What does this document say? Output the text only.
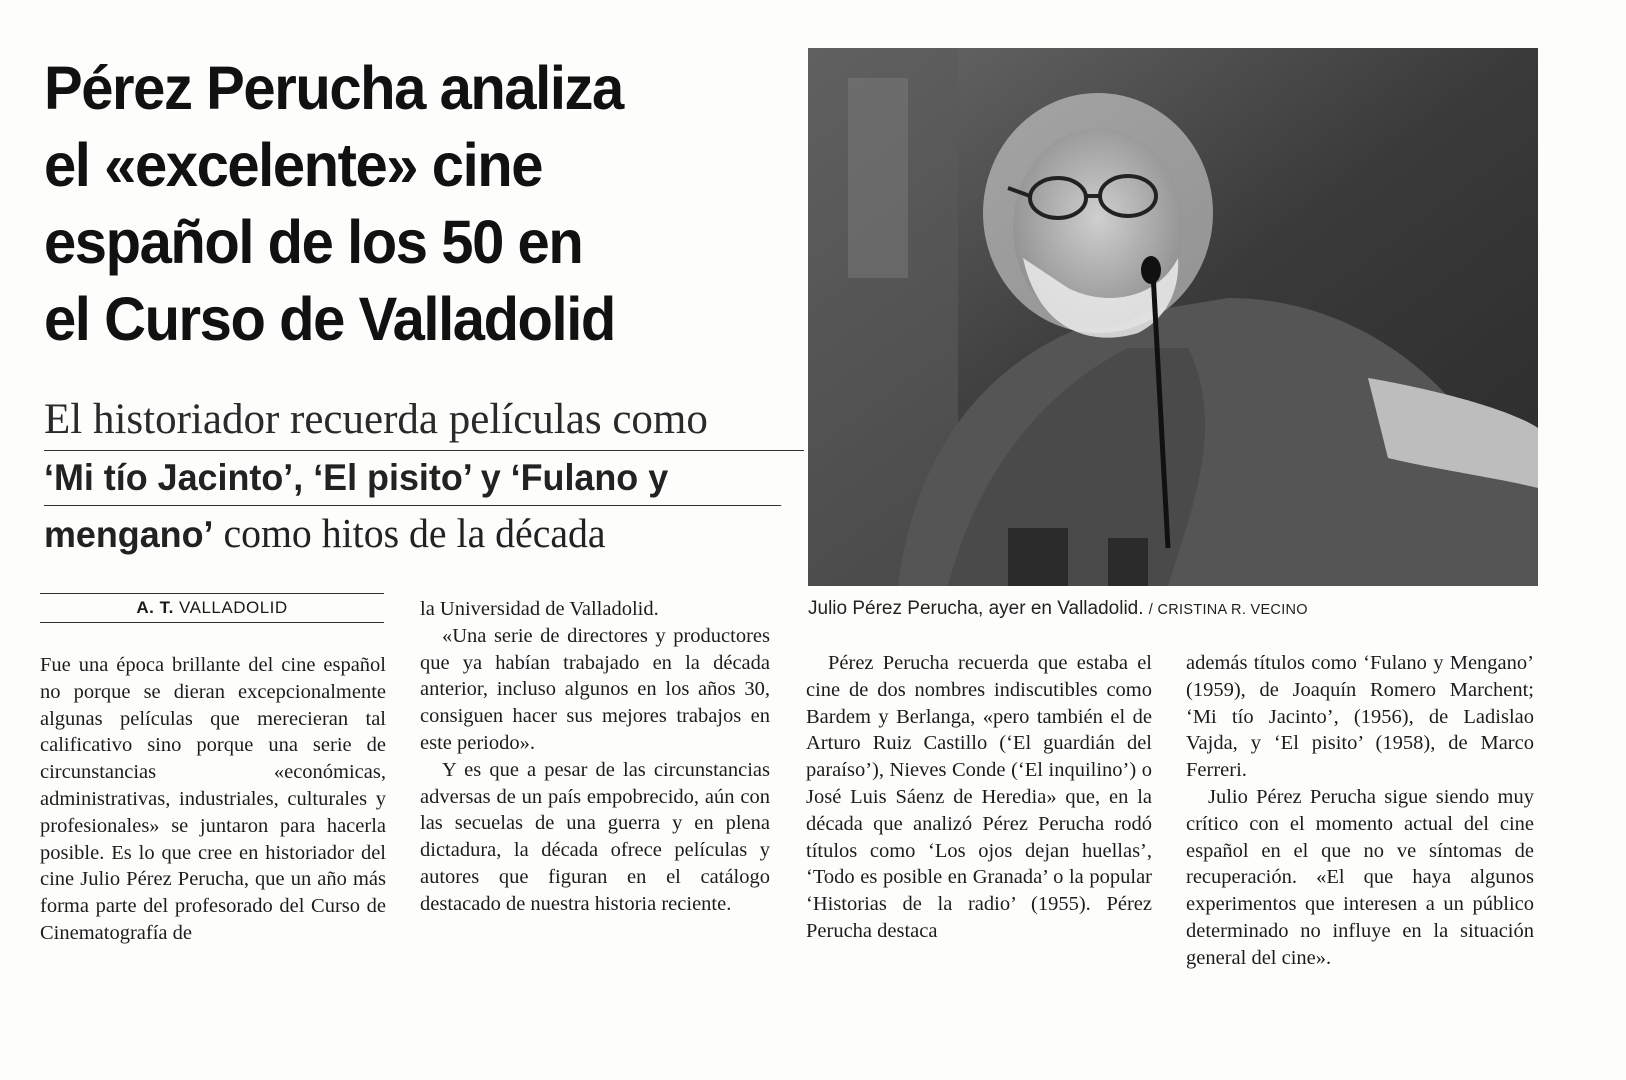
Pérez Perucha analiza
el «excelente» cine
español de los 50 en
el Curso de Valladolid
El historiador recuerda películas como
‘Mi tío Jacinto’, ‘El pisito’ y ‘Fulano y
mengano’ como hitos de la década
A. T. VALLADOLID

Fue una época brillante del cine español no porque se dieran excepcionalmente algunas películas que merecieran tal calificativo sino porque una serie de circunstancias «económicas, administrativas, industriales, culturales y profesionales» se juntaron para hacerla posible. Es lo que cree en historiador del cine Julio Pérez Perucha, que un año más forma parte del profesorado del Curso de Cinematografía de

la Universidad de Valladolid.

«Una serie de directores y productores que ya habían trabajado en la década anterior, incluso algunos en los años 30, consiguen hacer sus mejores trabajos en este periodo».

Y es que a pesar de las circunstancias adversas de un país empobrecido, aún con las secuelas de una guerra y en plena dictadura, la década ofrece películas y autores que figuran en el catálogo destacado de nuestra historia reciente.

Julio Pérez Perucha, ayer en Valladolid. / CRISTINA R. VECINO

Pérez Perucha recuerda que estaba el cine de dos nombres indiscutibles como Bardem y Berlanga, «pero también el de Arturo Ruiz Castillo (‘El guardián del paraíso’), Nieves Conde (‘El inquilino’) o José Luis Sáenz de Heredia» que, en la década que analizó Pérez Perucha rodó títulos como ‘Los ojos dejan huellas’, ‘Todo es posible en Granada’ o la popular ‘Historias de la radio’ (1955). Pérez Perucha destaca

además títulos como ‘Fulano y Mengano’ (1959), de Joaquín Romero Marchent; ‘Mi tío Jacinto’, (1956), de Ladislao Vajda, y ‘El pisito’ (1958), de Marco Ferreri.

Julio Pérez Perucha sigue siendo muy crítico con el momento actual del cine español en el que no ve síntomas de recuperación. «El que haya algunos experimentos que interesen a un público determinado no influye en la situación general del cine».
